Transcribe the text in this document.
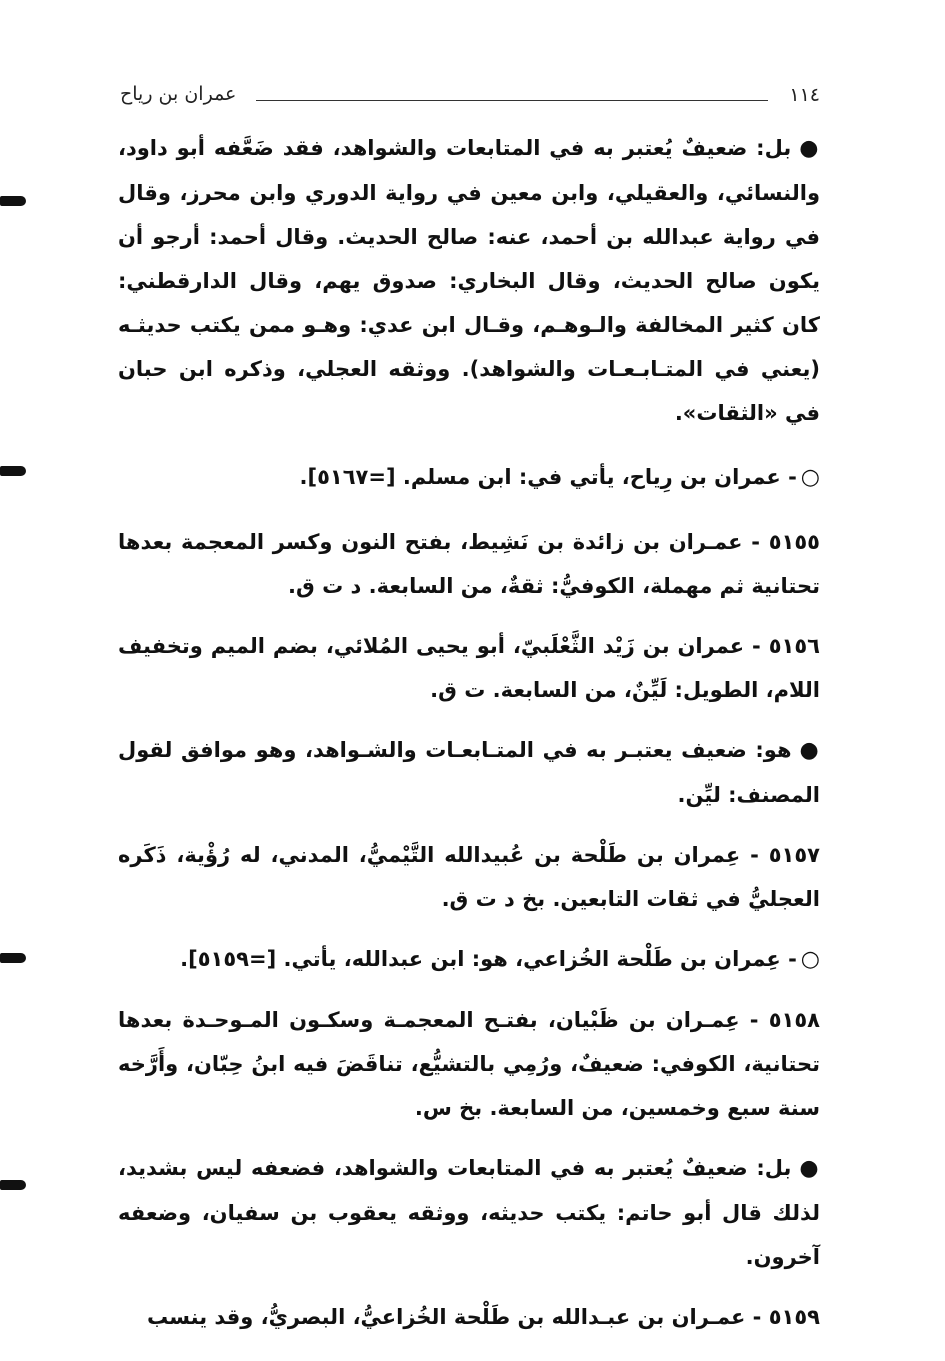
١١٤
عمران بن رياح

●بل: ضعيفٌ يُعتبر به في المتابعات والشواهد، فقد ضَعَّفه أبو داود، والنسائي، والعقيلي، وابن معين في رواية الدوري وابن محرز، وقال في رواية عبدالله بن أحمد، عنه: صالح الحديث. وقال أحمد: أرجو أن يكون صالح الحديث، وقال البخاري: صدوق يهم، وقال الدارقطني: كان كثير المخالفة والـوهـم، وقـال ابن عدي: وهـو ممن يكتب حديثـه (يعني في المتـابـعـات والشواهد). ووثقه العجلي، وذكره ابن حبان في «الثقات».

○- عمران بن رِياح، يأتي في: ابن مسلم. [=٥١٦٧].

٥١٥٥ - عمـران بن زائدة بن نَشِيط، بفتح النون وكسر المعجمة بعدها تحتانية ثم مهملة، الكوفيُّ: ثقةٌ، من السابعة. د ت ق.

٥١٥٦ - عمران بن زَيْد الثَّعْلَبيّ، أبو يحيى المُلائي، بضم الميم وتخفيف اللام، الطويل: لَيِّنٌ، من السابعة. ت ق.

●هو: ضعيف يعتبـر به في المتـابعـات والشـواهد، وهو موافق لقول المصنف: ليِّن.

٥١٥٧ - عِمران بن طَلْحة بن عُبيدالله التَّيْميُّ، المدني، له رُؤْية، ذَكَره العجليُّ في ثقات التابعين. بخ د ت ق.

○- عِمران بن طَلْحة الخُزاعي، هو: ابن عبدالله، يأتي. [=٥١٥٩].

٥١٥٨ - عِمـران بن ظَبْيان، بفتـح المعجمـة وسكـون المـوحـدة بعدها تحتانية، الكوفي: ضعيفٌ، ورُمِي بالتشيُّع، تناقَضَ فيه ابنُ حِبّان، وأَرَّخه سنة سبع وخمسين، من السابعة. بخ س.

●بل: ضعيفٌ يُعتبر به في المتابعات والشواهد، فضعفه ليس بشديد، لذلك قال أبو حاتم: يكتب حديثه، ووثقه يعقوب بن سفيان، وضعفه آخرون.

٥١٥٩ - عمـران بن عبـدالله بن طَلْحة الخُزاعيُّ، البصريُّ، وقد ينسب
